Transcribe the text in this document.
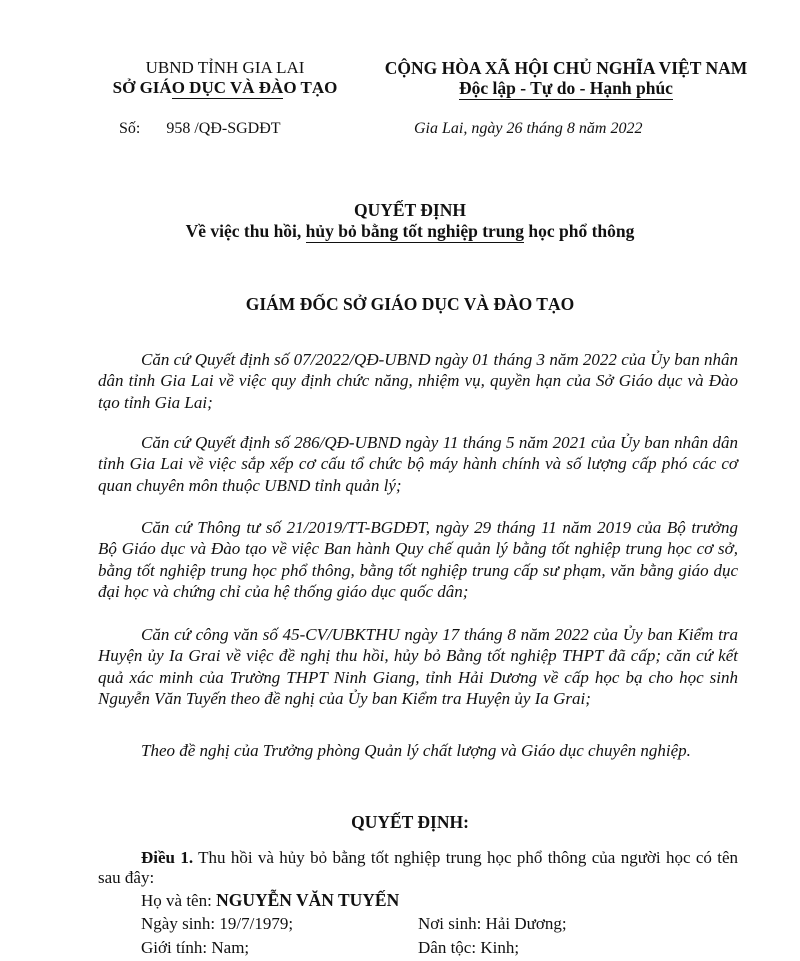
UBND TỈNH GIA LAI
SỞ GIÁO DỤC VÀ ĐÀO TẠO
CỘNG HÒA XÃ HỘI CHỦ NGHĨA VIỆT NAM
Độc lập - Tự do - Hạnh phúc
Số: 958 /QĐ-SGDĐT	Gia Lai, ngày 26 tháng 8 năm 2022
QUYẾT ĐỊNH
Về việc thu hồi, hủy bỏ bằng tốt nghiệp trung học phổ thông
GIÁM ĐỐC SỞ GIÁO DỤC VÀ ĐÀO TẠO
Căn cứ Quyết định số 07/2022/QĐ-UBND ngày 01 tháng 3 năm 2022 của Ủy ban nhân dân tỉnh Gia Lai về việc quy định chức năng, nhiệm vụ, quyền hạn của Sở Giáo dục và Đào tạo tỉnh Gia Lai;
Căn cứ Quyết định số 286/QĐ-UBND ngày 11 tháng 5 năm 2021 của Ủy ban nhân dân tỉnh Gia Lai về việc sắp xếp cơ cấu tổ chức bộ máy hành chính và số lượng cấp phó các cơ quan chuyên môn thuộc UBND tỉnh quản lý;
Căn cứ Thông tư số 21/2019/TT-BGDĐT, ngày 29 tháng 11 năm 2019 của Bộ trưởng Bộ Giáo dục và Đào tạo về việc Ban hành Quy chế quản lý bằng tốt nghiệp trung học cơ sở, bằng tốt nghiệp trung học phổ thông, bằng tốt nghiệp trung cấp sư phạm, văn bằng giáo dục đại học và chứng chỉ của hệ thống giáo dục quốc dân;
Căn cứ công văn số 45-CV/UBKTHU ngày 17 tháng 8 năm 2022 của Ủy ban Kiểm tra Huyện ủy Ia Grai về việc đề nghị thu hồi, hủy bỏ Bằng tốt nghiệp THPT đã cấp; căn cứ kết quả xác minh của Trường THPT Ninh Giang, tỉnh Hải Dương về cấp học bạ cho học sinh Nguyễn Văn Tuyến theo đề nghị của Ủy ban Kiểm tra Huyện ủy Ia Grai;
Theo đề nghị của Trưởng phòng Quản lý chất lượng và Giáo dục chuyên nghiệp.
QUYẾT ĐỊNH:
Điều 1. Thu hồi và hủy bỏ bằng tốt nghiệp trung học phổ thông của người học có tên sau đây:
Họ và tên: NGUYỄN VĂN TUYẾN
Ngày sinh: 19/7/1979;	Nơi sinh: Hải Dương;
Giới tính: Nam;	Dân tộc: Kinh;
